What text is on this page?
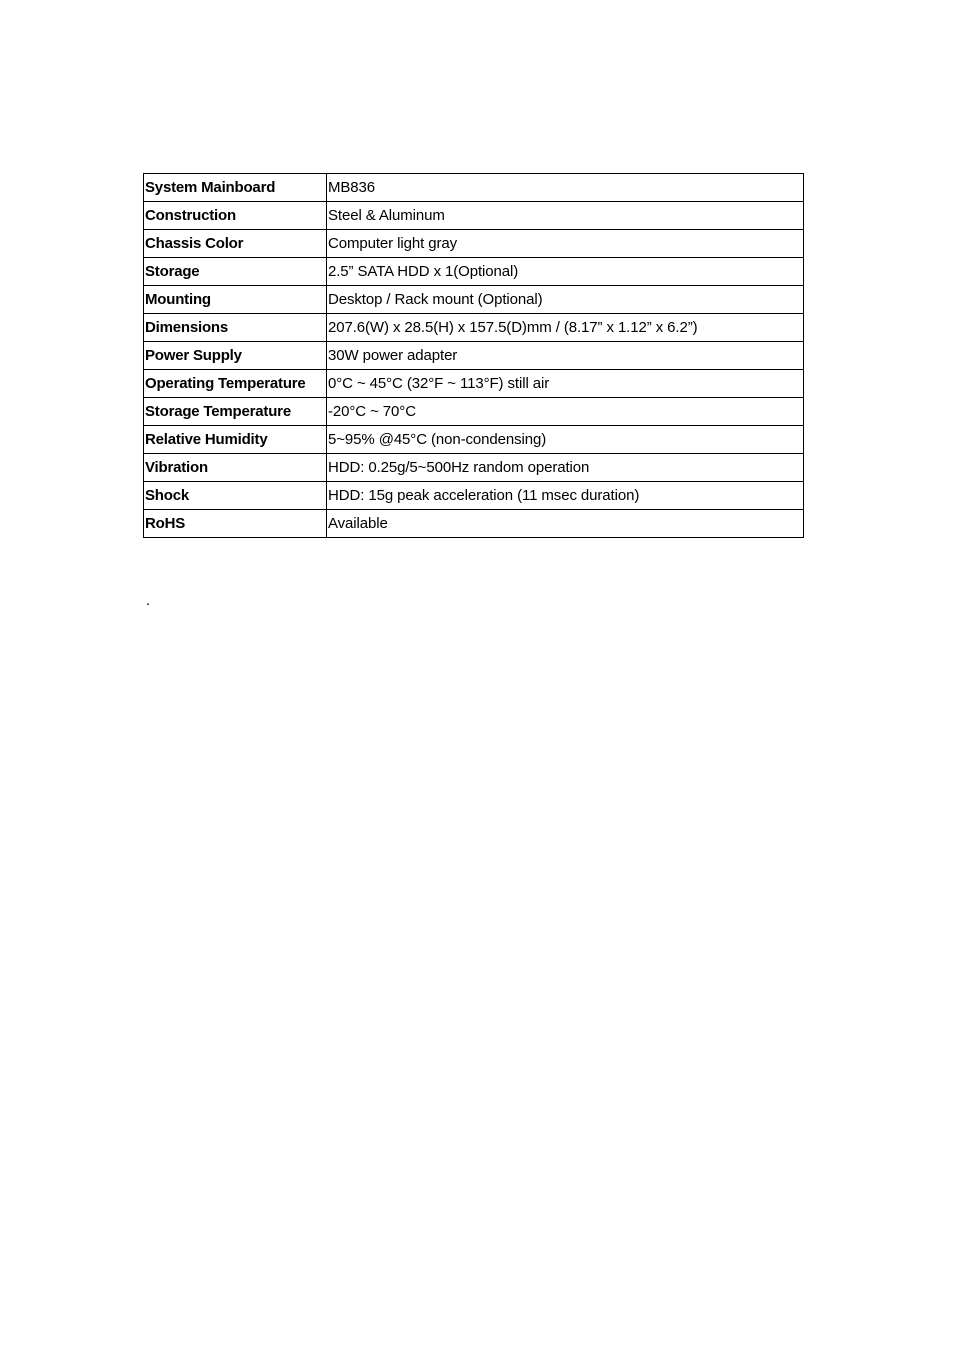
System Mainboard	MB836
Construction	Steel & Aluminum
Chassis Color	Computer light gray
Storage	2.5” SATA HDD x 1(Optional)
Mounting	Desktop / Rack mount (Optional)
Dimensions	207.6(W) x 28.5(H) x 157.5(D)mm / (8.17” x 1.12” x 6.2”)
Power Supply	30W power adapter
Operating Temperature	0°C ~ 45°C (32°F ~ 113°F) still air
Storage Temperature	-20°C ~ 70°C
Relative Humidity	5~95% @45°C (non-condensing)
Vibration	HDD: 0.25g/5~500Hz random operation
Shock	HDD: 15g peak acceleration (11 msec duration)
RoHS	Available
.
